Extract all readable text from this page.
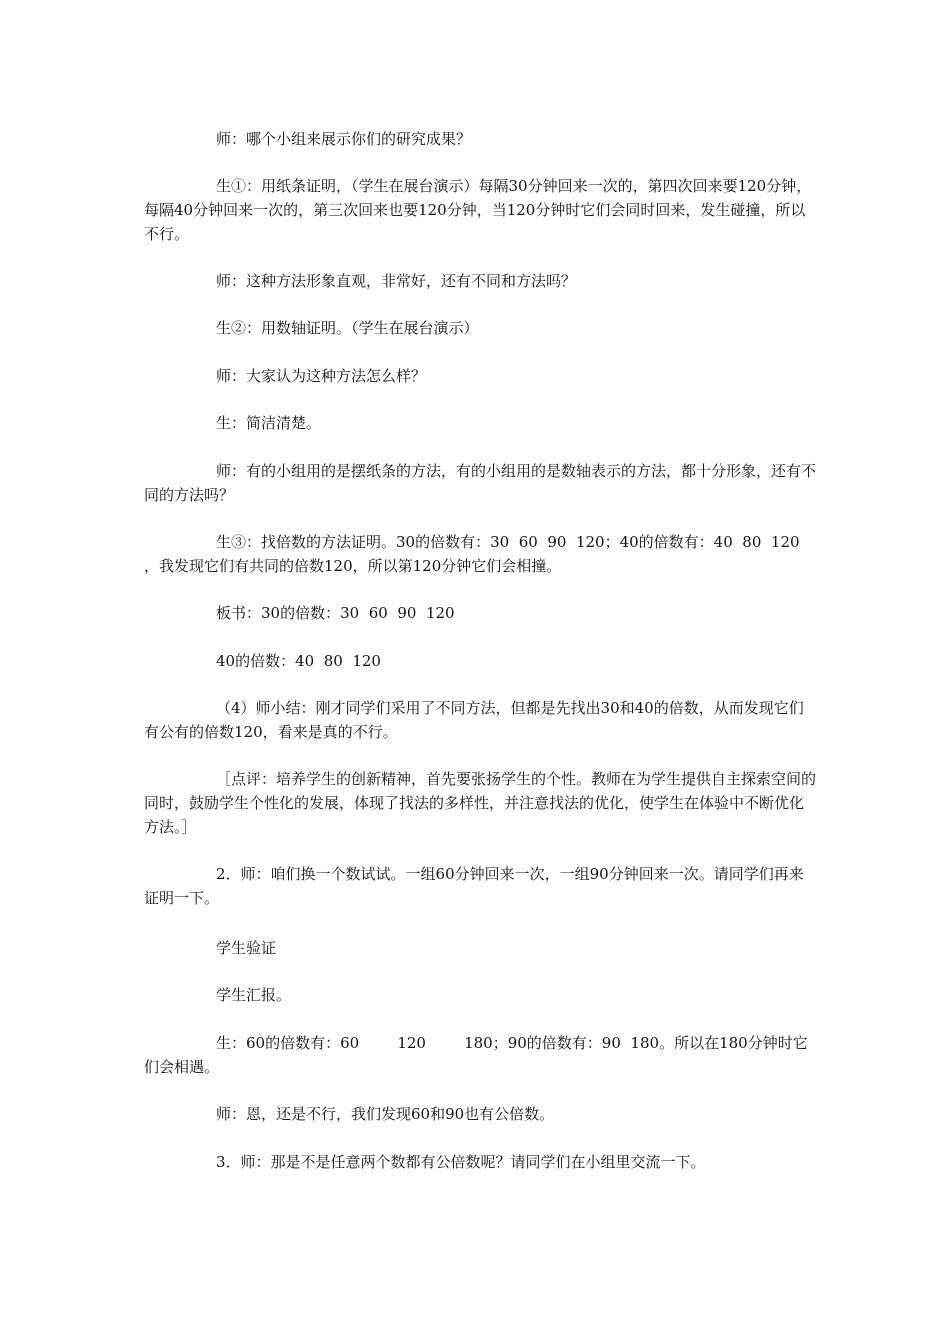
师：哪个小组来展示你们的研究成果？

生①：用纸条证明，（学生在展台演示）每隔30分钟回来一次的，第四次回来要120分钟，每隔40分钟回来一次的，第三次回来也要120分钟，当120分钟时它们会同时回来，发生碰撞，所以不行。

师：这种方法形象直观，非常好，还有不同和方法吗？

生②：用数轴证明。（学生在展台演示）

师：大家认为这种方法怎么样？

生：简洁清楚。

师：有的小组用的是摆纸条的方法，有的小组用的是数轴表示的方法，都十分形象，还有不同的方法吗？

生③：找倍数的方法证明。30的倍数有：30  60  90  120；40的倍数有：40  80  120  ，我发现它们有共同的倍数120，所以第120分钟它们会相撞。

板书：30的倍数：30  60  90  120

40的倍数：40  80  120

（4）师小结：刚才同学们采用了不同方法，但都是先找出30和40的倍数，从而发现它们有公有的倍数120，看来是真的不行。

［点评：培养学生的创新精神，首先要张扬学生的个性。教师在为学生提供自主探索空间的同时，鼓励学生个性化的发展，体现了找法的多样性，并注意找法的优化，使学生在体验中不断优化方法。］

2．师：咱们换一个数试试。一组60分钟回来一次，一组90分钟回来一次。请同学们再来证明一下。

学生验证

学生汇报。

生：60的倍数有：60        120        180；90的倍数有：90  180。所以在180分钟时它们会相遇。

师：恩，还是不行，我们发现60和90也有公倍数。

3．师：那是不是任意两个数都有公倍数呢？请同学们在小组里交流一下。
